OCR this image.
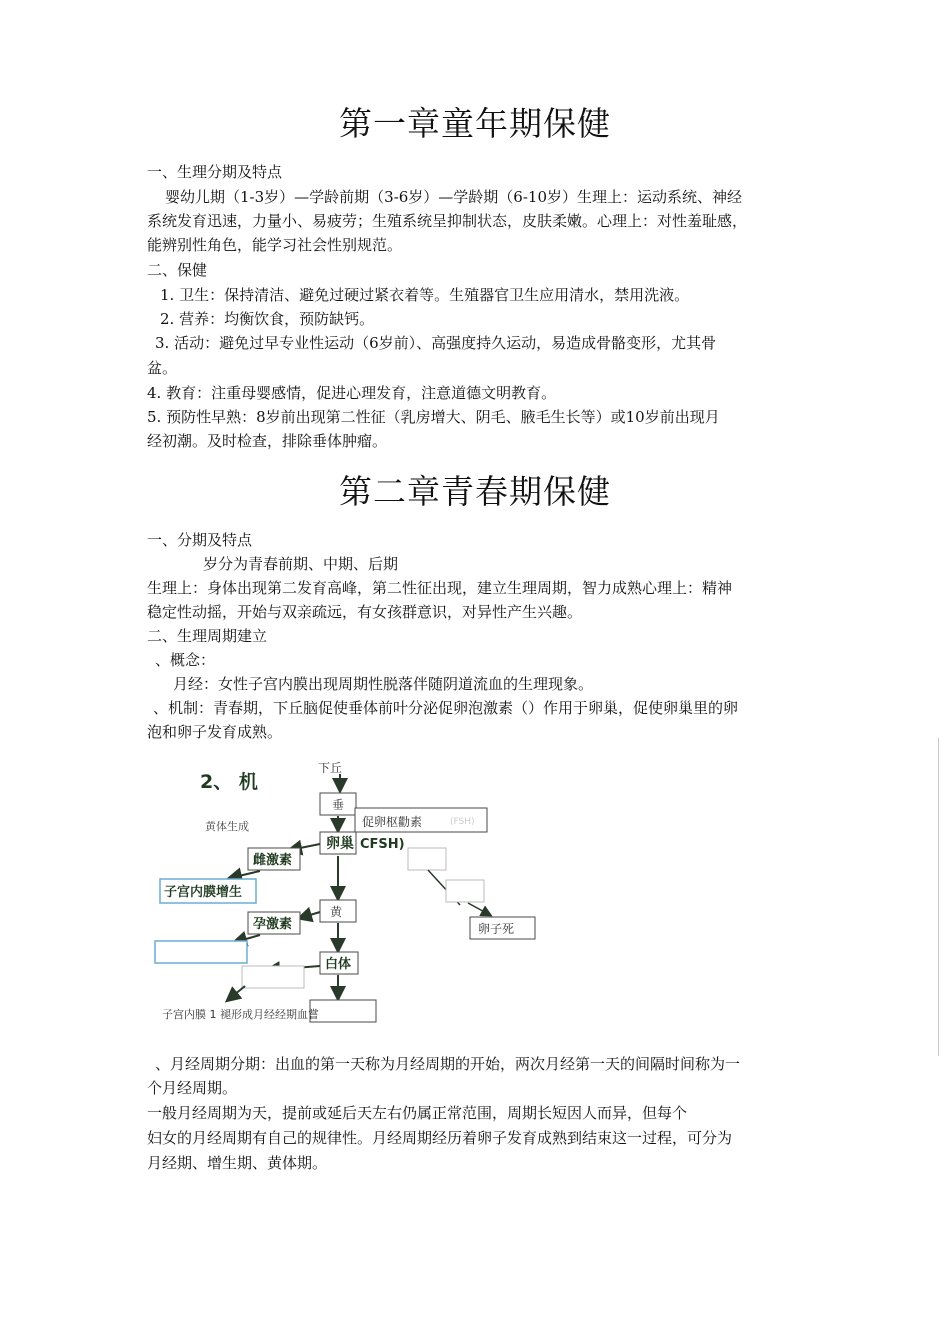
第一章童年期保健

一、生理分期及特点

婴幼儿期（1-3岁）—学龄前期（3-6岁）—学龄期（6-10岁）生理上：运动系统、神经

系统发育迅速，力量小、易疲劳；生殖系统呈抑制状态，皮肤柔嫩。心理上：对性羞耻感，

能辨别性角色，能学习社会性别规范。

二、保健

1. 卫生：保持清洁、避免过硬过紧衣着等。生殖器官卫生应用清水，禁用洗液。

2. 营养：均衡饮食，预防缺钙。

3. 活动：避免过早专业性运动（6岁前）、高强度持久运动，易造成骨骼变形，尤其骨

盆。

4. 教育：注重母婴感情，促进心理发育，注意道德文明教育。

5. 预防性早熟：8岁前出现第二性征（乳房增大、阴毛、腋毛生长等）或10岁前出现月

经初潮。及时检查，排除垂体肿瘤。

第二章青春期保健

一、分期及特点

岁分为青春前期、中期、后期

生理上：身体出现第二发育高峰，第二性征出现，建立生理周期，智力成熟心理上：精神

稳定性动摇，开始与双亲疏远，有女孩群意识，对异性产生兴趣。

二、生理周期建立

、概念：

月经：女性子宫内膜出现周期性脱落伴随阴道流血的生理现象。

、机制：青春期，下丘脑促使垂体前叶分泌促卵泡激素（）作用于卵巢，促使卵巢里的卵

泡和卵子发育成熟。

2、 机
下丘
垂
促卵枢勸素	(FSH)
黄体生成
卵巢 CFSH)
雌激素
子宫内膜增生
黄
卵子死
孕激素
白体
子宫内膜 1 褪形成月经经期血嘗

、月经周期分期：出血的第一天称为月经周期的开始，两次月经第一天的间隔时间称为一

个月经周期。

一般月经周期为天，提前或延后天左右仍属正常范围，周期长短因人而异，但每个

妇女的月经周期有自己的规律性。月经周期经历着卵子发育成熟到结束这一过程，可分为

月经期、增生期、黄体期。
